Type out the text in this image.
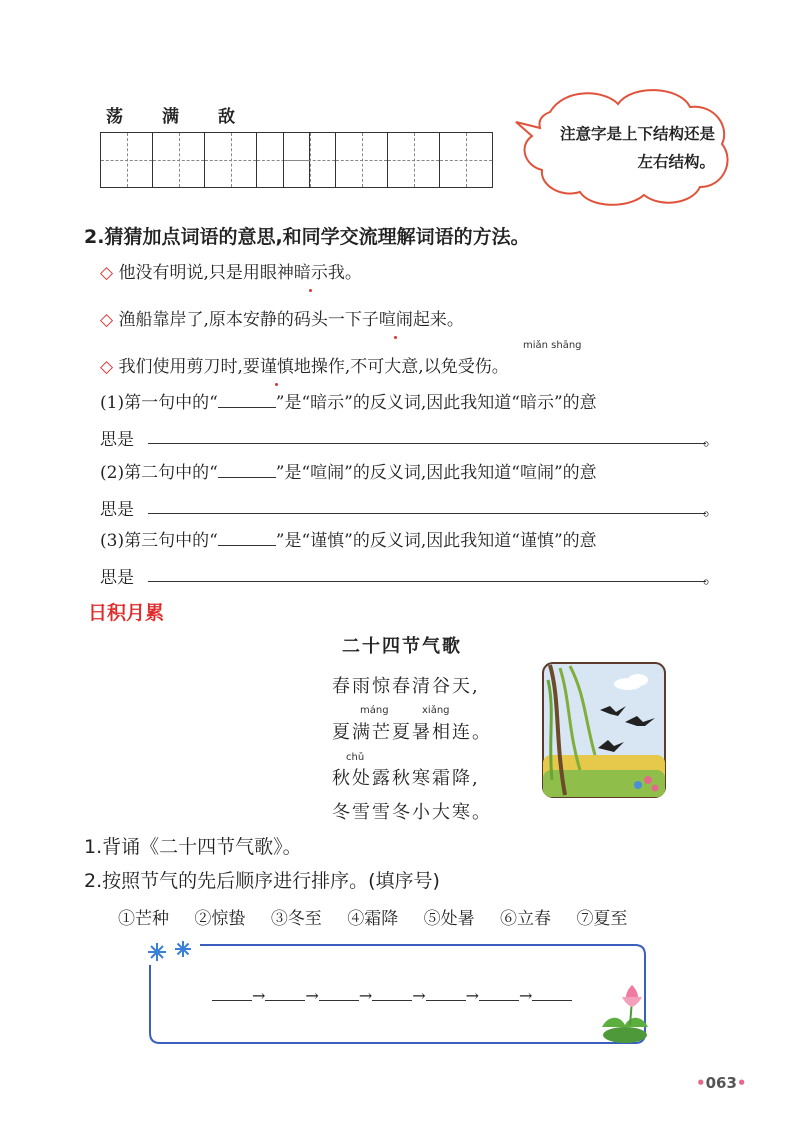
荡 满 敌
注意字是上下结构还是左右结构。
2.猜猜加点词语的意思,和同学交流理解词语的方法。
◇ 他没有明说,只是用眼神暗示我。
◇ 渔船靠岸了,原本安静的码头一下子喧闹起来。
miǎn shāng
◇ 我们使用剪刀时,要谨慎地操作,不可大意,以免受伤。
(1)第一句中的“	”是“暗示”的反义词,因此我知道“暗示”的意
思是	。
(2)第二句中的“	”是“喧闹”的反义词,因此我知道“喧闹”的意
思是	。
(3)第三句中的“	”是“谨慎”的反义词,因此我知道“谨慎”的意
思是	。
日积月累
二十四节气歌
春雨惊春清谷天,
máng	xiǎng
夏满芒夏暑相连。
chǔ
秋处露秋寒霜降,
冬雪雪冬小大寒。
1.背诵《二十四节气歌》。
2.按照节气的先后顺序进行排序。(填序号)
①芒种 ②惊蛰 ③冬至 ④霜降 ⑤处暑 ⑥立春 ⑦夏至
→	→	→	→	→	→
•063•
